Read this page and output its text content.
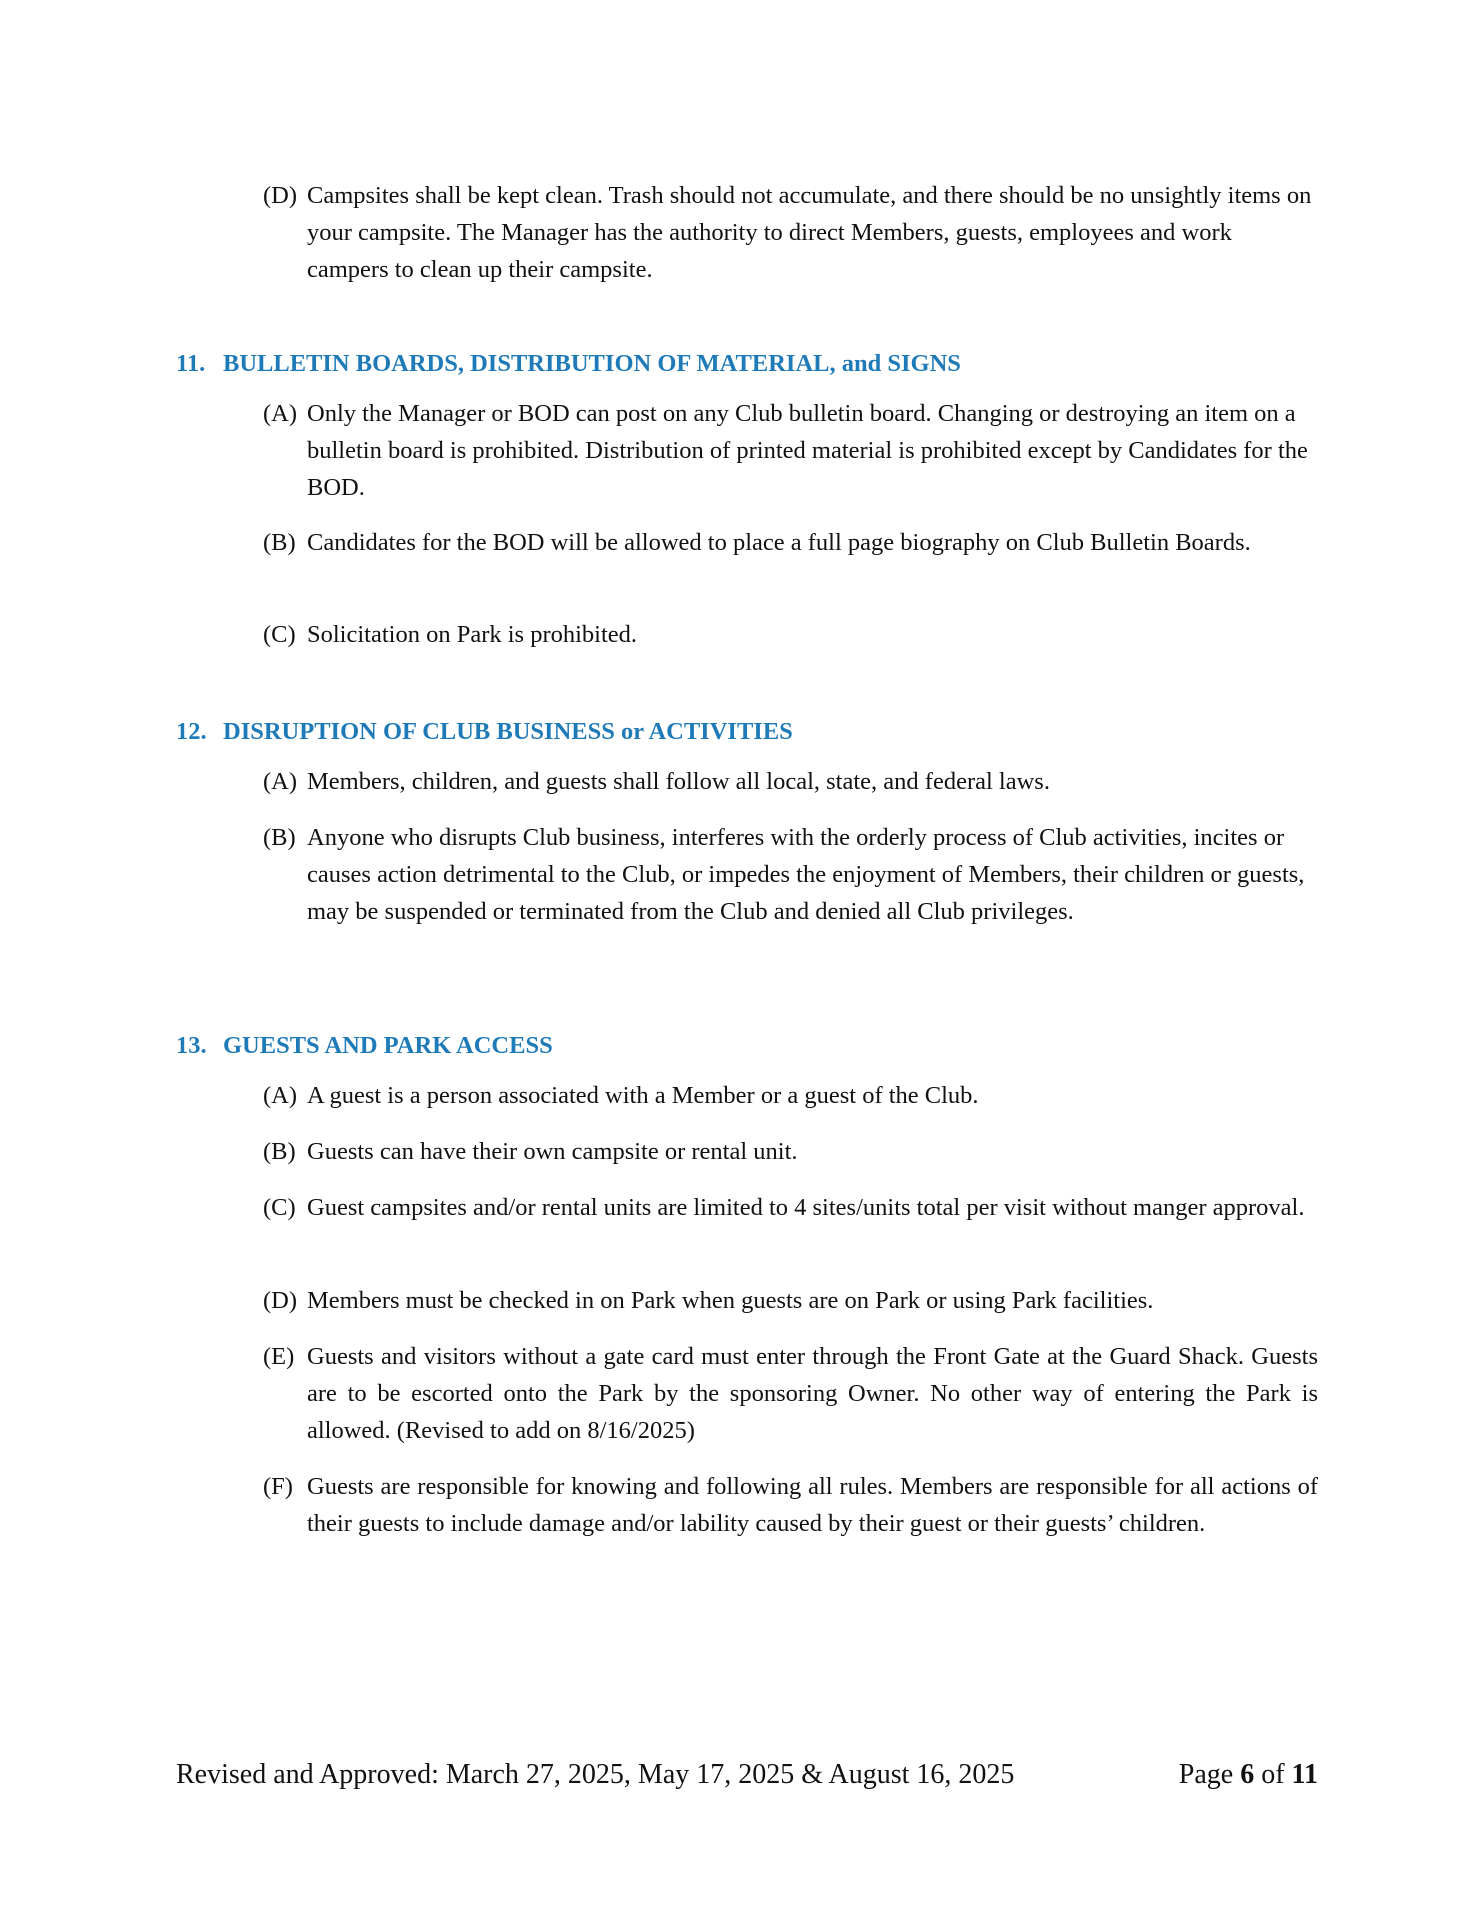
(D) Campsites shall be kept clean. Trash should not accumulate, and there should be no unsightly items on your campsite. The Manager has the authority to direct Members, guests, employees and work campers to clean up their campsite.
11. BULLETIN BOARDS, DISTRIBUTION OF MATERIAL, and SIGNS
(A) Only the Manager or BOD can post on any Club bulletin board. Changing or destroying an item on a bulletin board is prohibited. Distribution of printed material is prohibited except by Candidates for the BOD.
(B) Candidates for the BOD will be allowed to place a full page biography on Club Bulletin Boards.
(C) Solicitation on Park is prohibited.
12. DISRUPTION OF CLUB BUSINESS or ACTIVITIES
(A) Members, children, and guests shall follow all local, state, and federal laws.
(B) Anyone who disrupts Club business, interferes with the orderly process of Club activities, incites or causes action detrimental to the Club, or impedes the enjoyment of Members, their children or guests, may be suspended or terminated from the Club and denied all Club privileges.
13. GUESTS AND PARK ACCESS
(A) A guest is a person associated with a Member or a guest of the Club.
(B) Guests can have their own campsite or rental unit.
(C) Guest campsites and/or rental units are limited to 4 sites/units total per visit without manger approval.
(D) Members must be checked in on Park when guests are on Park or using Park facilities.
(E) Guests and visitors without a gate card must enter through the Front Gate at the Guard Shack. Guests are to be escorted onto the Park by the sponsoring Owner. No other way of entering the Park is allowed. (Revised to add on 8/16/2025)
(F) Guests are responsible for knowing and following all rules. Members are responsible for all actions of their guests to include damage and/or lability caused by their guest or their guests’ children.
Revised and Approved: March 27, 2025, May 17, 2025 & August 16, 2025	Page 6 of 11
